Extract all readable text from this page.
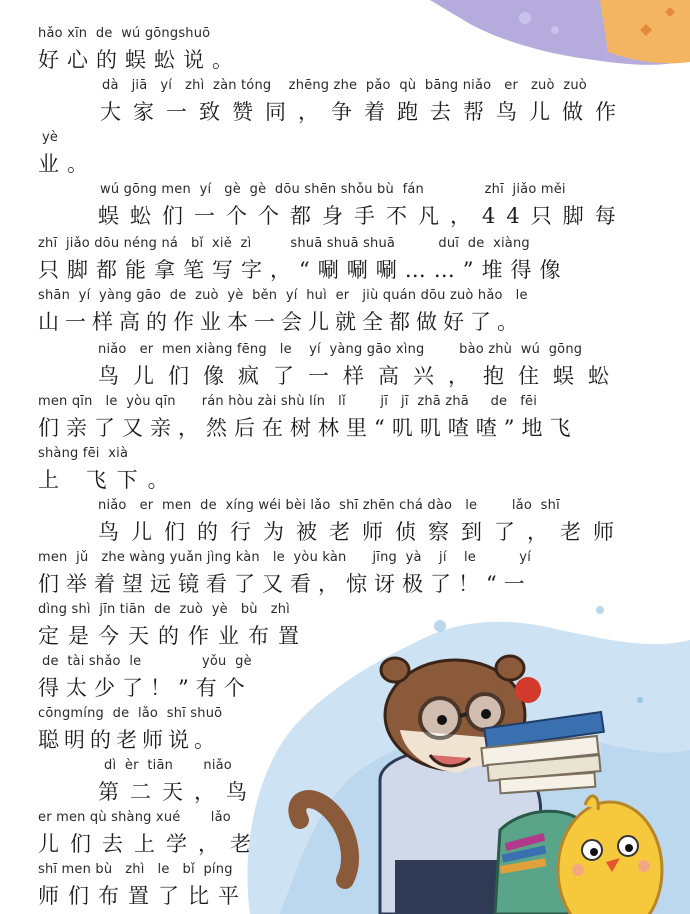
hǎo xīn  de  wú gōngshuō
好心的蜈蚣说。
dà   jiā   yí   zhì  zàn tóng    zhēng zhe  pǎo  qù  bāng niǎo   er   zuò  zuò
大家一致赞同，争着跑去帮鸟儿做作
yè
业。
wú gōng men  yí   gè  gè  dōu shēn shǒu bù  fán              zhī  jiǎo měi
蜈蚣们一个个都身手不凡，44只脚每
zhī  jiǎo dōu néng ná   bǐ  xiě  zì         shuā shuā shuā          duī  de  xiàng
只脚都能拿笔写字，“唰唰唰……”堆得像
shān  yí  yàng gāo  de  zuò  yè  běn  yí  huì  er   jiù quán dōu zuò hǎo   le
山一样高的作业本一会儿就全都做好了。
niǎo   er  men xiàng fēng   le    yí  yàng gāo xìng        bào zhù  wú  gōng
鸟儿们像疯了一样高兴，抱住蜈蚣
men qīn   le  yòu qīn      rán hòu zài shù lín   lǐ        jī   jī  zhā zhā     de   fēi
们亲了又亲，然后在树林里“叽叽喳喳”地飞
shàng fēi  xià
上 飞下。
niǎo   er  men  de  xíng wéi bèi lǎo  shī zhēn chá dào   le        lǎo  shī
鸟儿们的行为被老师侦察到了，老师
men  jǔ   zhe wàng yuǎn jìng kàn   le  yòu kàn      jīng  yà    jí    le          yí
们举着望远镜看了又看，惊讶极了！“一
dìng shì  jīn tiān  de  zuò  yè   bù   zhì
定是今天的作业布置
de  tài shǎo  le              yǒu  gè
得太少了！”有个
cōngmíng  de  lǎo  shī shuō
聪明的老师说。
dì  èr  tiān       niǎo
第二天，鸟
er men qù shàng xué       lǎo
儿们去上学，老
shī men bù   zhì   le   bǐ  píng
师们布置了比平
